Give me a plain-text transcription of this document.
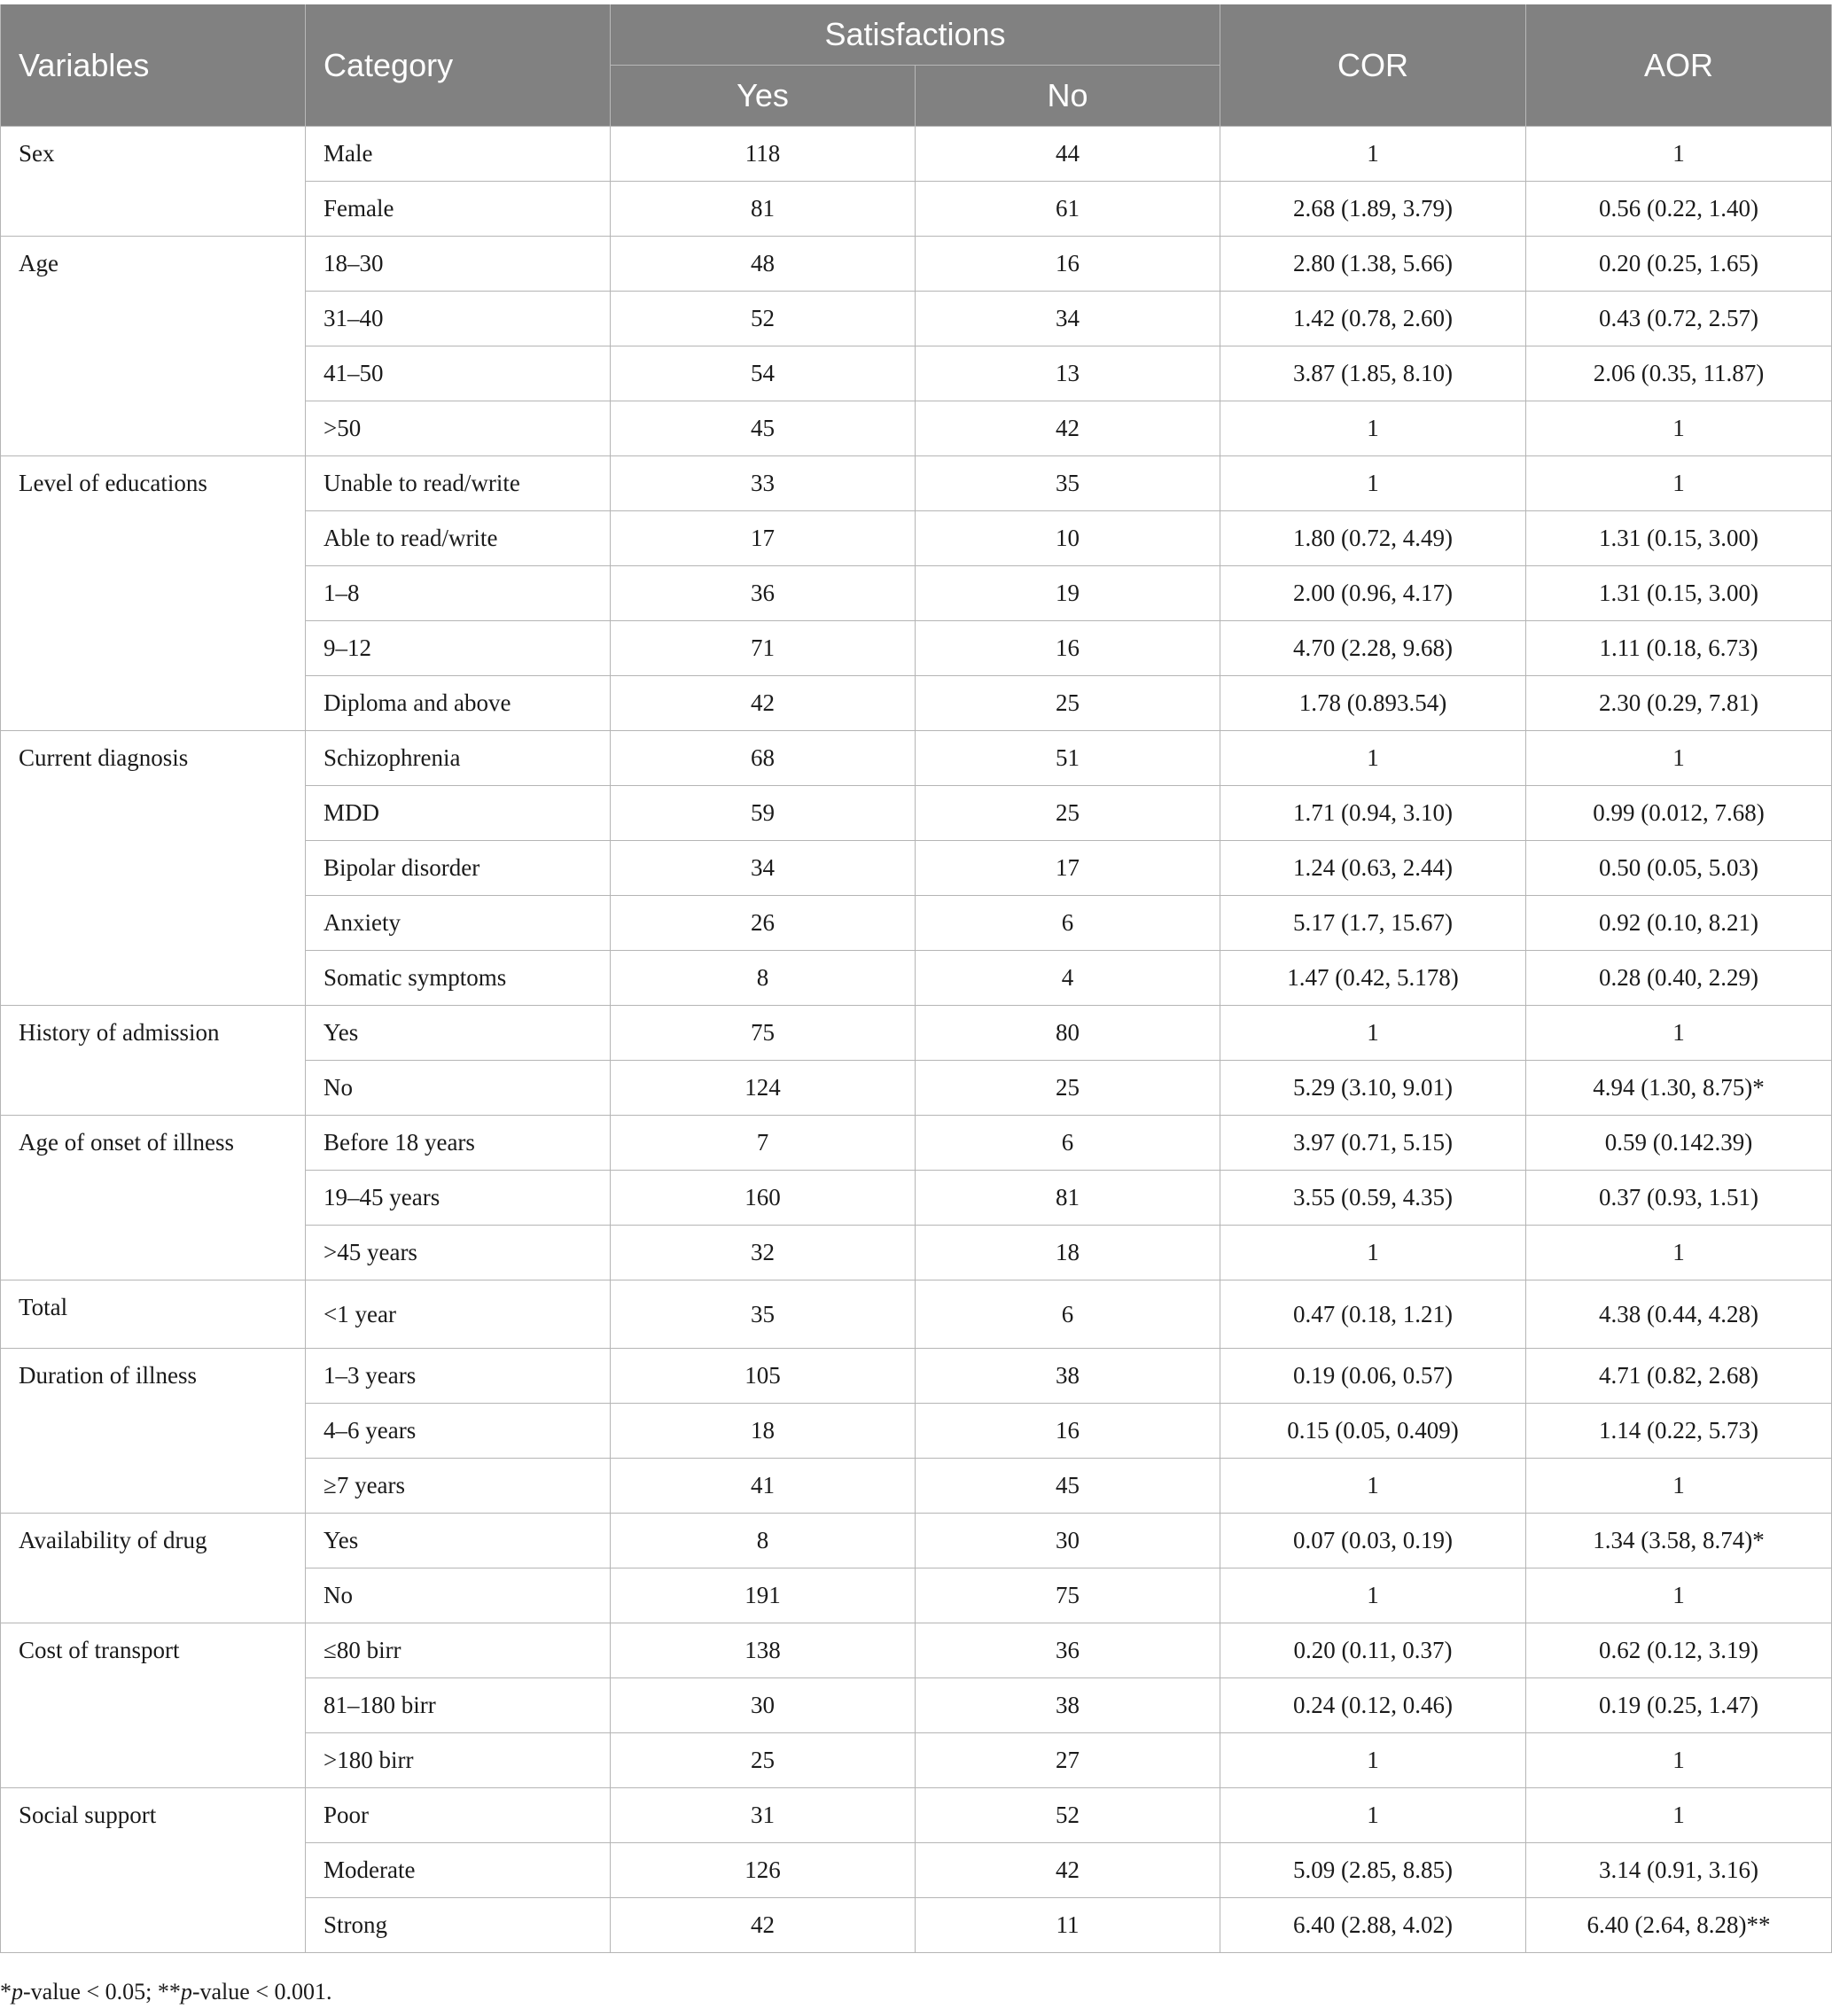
Variables	Category	Satisfactions		COR	AOR
		Yes	No		
Sex	Male	118	44	1	1
	Female	81	61	2.68 (1.89, 3.79)	0.56 (0.22, 1.40)
Age	18–30	48	16	2.80 (1.38, 5.66)	0.20 (0.25, 1.65)
	31–40	52	34	1.42 (0.78, 2.60)	0.43 (0.72, 2.57)
	41–50	54	13	3.87 (1.85, 8.10)	2.06 (0.35, 11.87)
	>50	45	42	1	1
Level of educations	Unable to read/write	33	35	1	1
	Able to read/write	17	10	1.80 (0.72, 4.49)	1.31 (0.15, 3.00)
	1–8	36	19	2.00 (0.96, 4.17)	1.31 (0.15, 3.00)
	9–12	71	16	4.70 (2.28, 9.68)	1.11 (0.18, 6.73)
	Diploma and above	42	25	1.78 (0.893.54)	2.30 (0.29, 7.81)
Current diagnosis	Schizophrenia	68	51	1	1
	MDD	59	25	1.71 (0.94, 3.10)	0.99 (0.012, 7.68)
	Bipolar disorder	34	17	1.24 (0.63, 2.44)	0.50 (0.05, 5.03)
	Anxiety	26	6	5.17 (1.7, 15.67)	0.92 (0.10, 8.21)
	Somatic symptoms	8	4	1.47 (0.42, 5.178)	0.28 (0.40, 2.29)
History of admission	Yes	75	80	1	1
	No	124	25	5.29 (3.10, 9.01)	4.94 (1.30, 8.75)*
Age of onset of illness	Before 18 years	7	6	3.97 (0.71, 5.15)	0.59 (0.142.39)
	19–45 years	160	81	3.55 (0.59, 4.35)	0.37 (0.93, 1.51)
	>45 years	32	18	1	1
Total	<1 year	35	6	0.47 (0.18, 1.21)	4.38 (0.44, 4.28)
Duration of illness	1–3 years	105	38	0.19 (0.06, 0.57)	4.71 (0.82, 2.68)
	4–6 years	18	16	0.15 (0.05, 0.409)	1.14 (0.22, 5.73)
	≥7 years	41	45	1	1
Availability of drug	Yes	8	30	0.07 (0.03, 0.19)	1.34 (3.58, 8.74)*
	No	191	75	1	1
Cost of transport	≤80 birr	138	36	0.20 (0.11, 0.37)	0.62 (0.12, 3.19)
	81–180 birr	30	38	0.24 (0.12, 0.46)	0.19 (0.25, 1.47)
	>180 birr	25	27	1	1
Social support	Poor	31	52	1	1
	Moderate	126	42	5.09 (2.85, 8.85)	3.14 (0.91, 3.16)
	Strong	42	11	6.40 (2.88, 4.02)	6.40 (2.64, 8.28)**
*p-value < 0.05; **p-value < 0.001.
